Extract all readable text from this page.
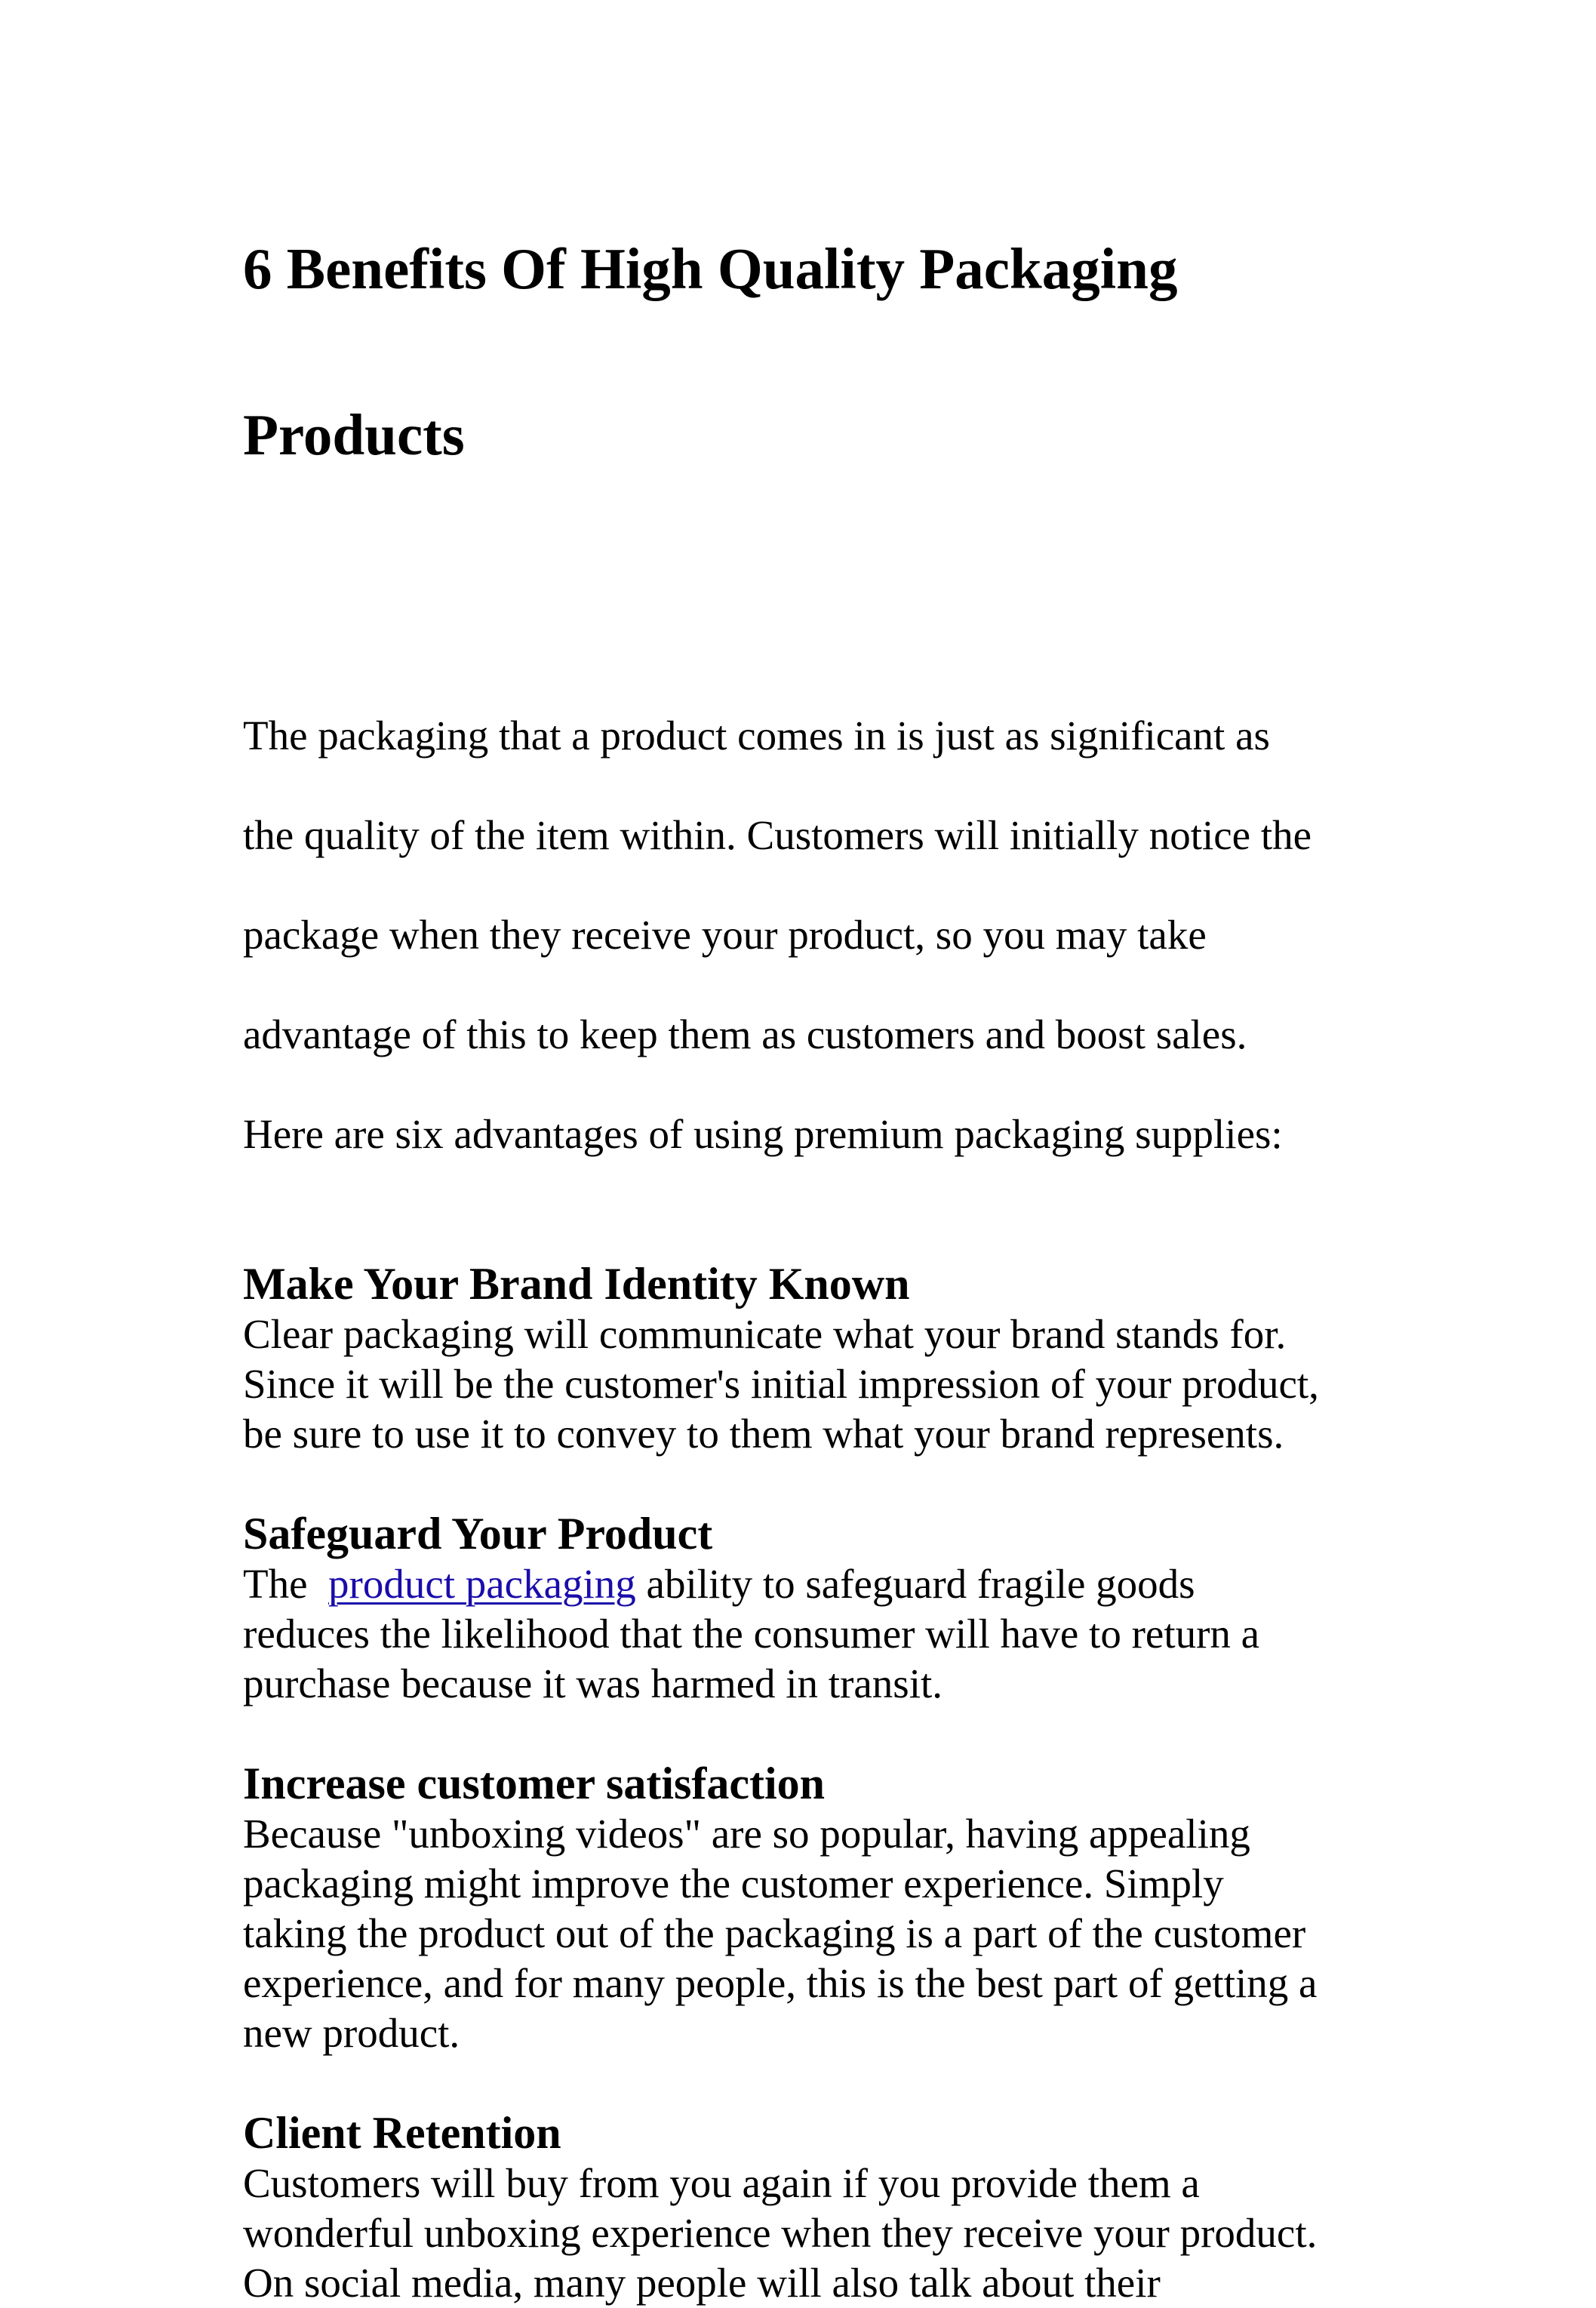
6 Benefits Of High Quality Packaging
Products

The packaging that a product comes in is just as significant as

the quality of the item within. Customers will initially notice the

package when they receive your product, so you may take

advantage of this to keep them as customers and boost sales.

Here are six advantages of using premium packaging supplies:

Make Your Brand Identity Known

Clear packaging will communicate what your brand stands for.
Since it will be the customer's initial impression of your product,
be sure to use it to convey to them what your brand represents.

Safeguard Your Product

The  product packaging ability to safeguard fragile goods
reduces the likelihood that the consumer will have to return a
purchase because it was harmed in transit.

Increase customer satisfaction

Because "unboxing videos" are so popular, having appealing
packaging might improve the customer experience. Simply
taking the product out of the packaging is a part of the customer
experience, and for many people, this is the best part of getting a
new product.

Client Retention

Customers will buy from you again if you provide them a
wonderful unboxing experience when they receive your product.
On social media, many people will also talk about their
